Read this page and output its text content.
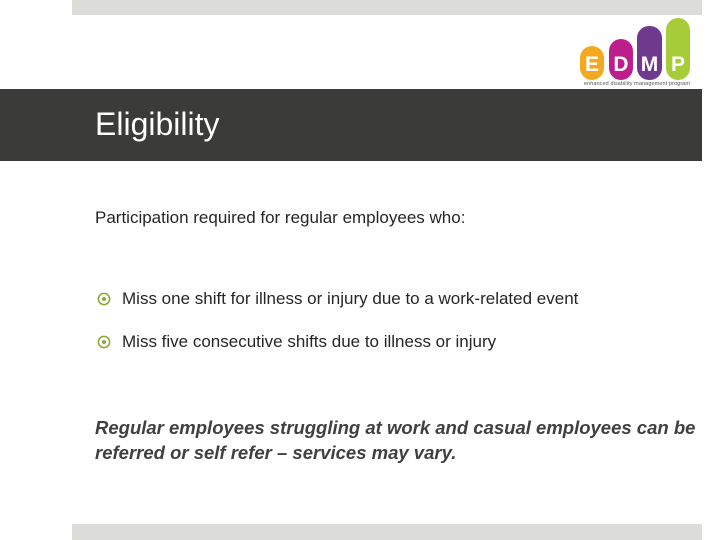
E D M P
enhanced disability management program
Eligibility

Participation required for regular employees who:

Miss one shift for illness or injury due to a work-related event
Miss five consecutive shifts due to illness or injury

Regular employees struggling at work and casual employees can be referred or self refer – services may vary.
